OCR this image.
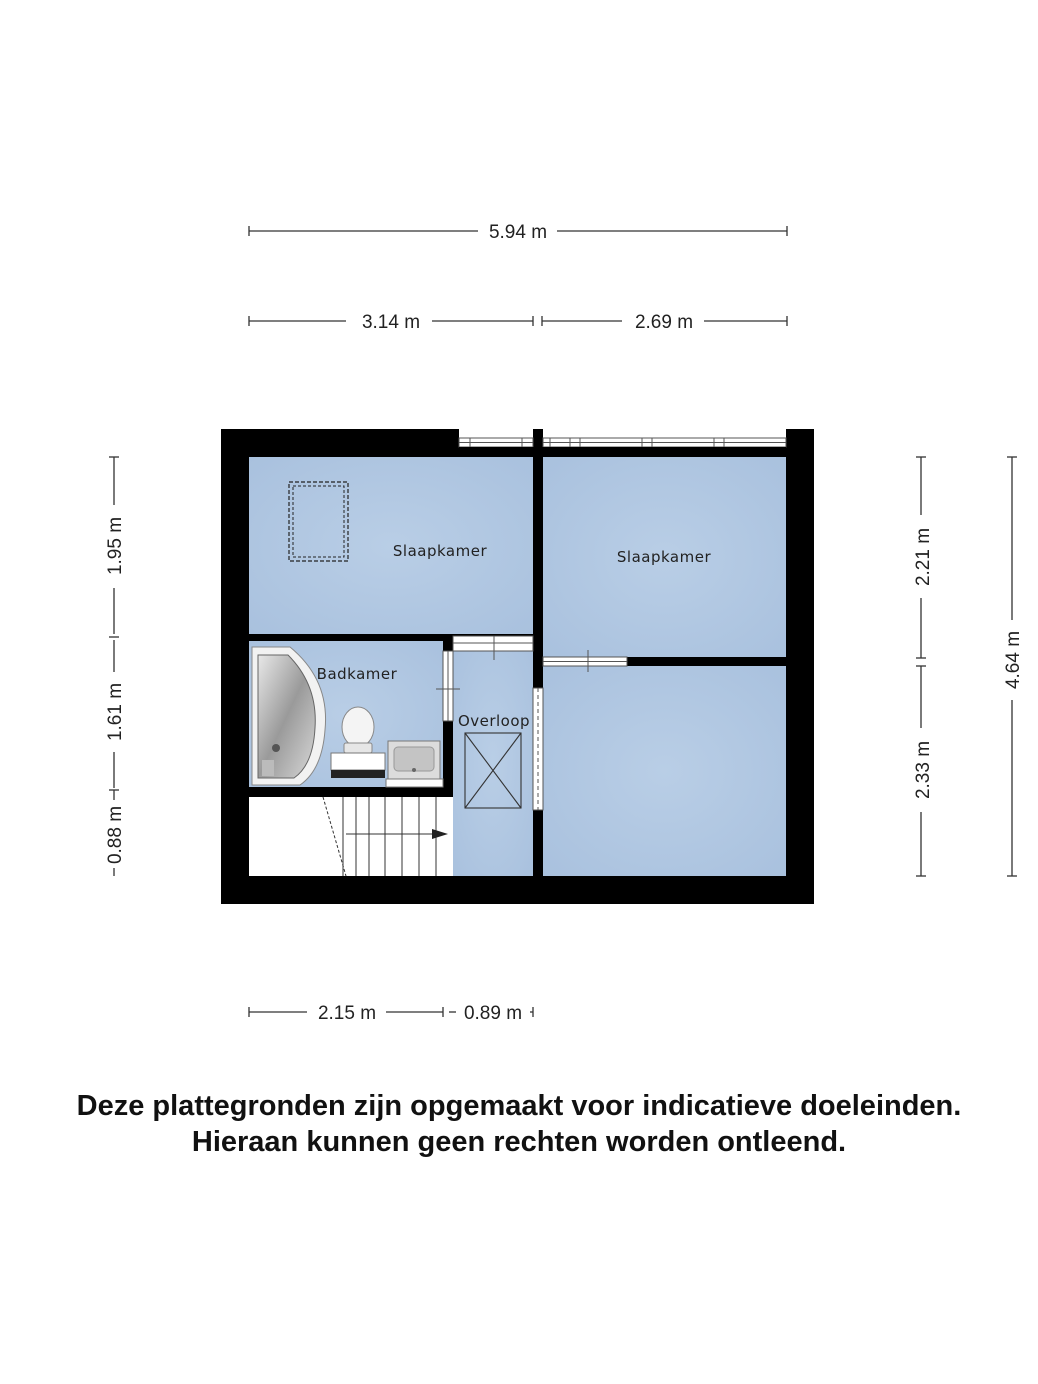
5.94 m
3.14 m	2.69 m
1.95 m
1.61 m
0.88 m
2.21 m
2.33 m
4.64 m
2.15 m	0.89 m
Slaapkamer	Slaapkamer
Badkamer
Overloop
Deze plattegronden zijn opgemaakt voor indicatieve doeleinden.
Hieraan kunnen geen rechten worden ontleend.
